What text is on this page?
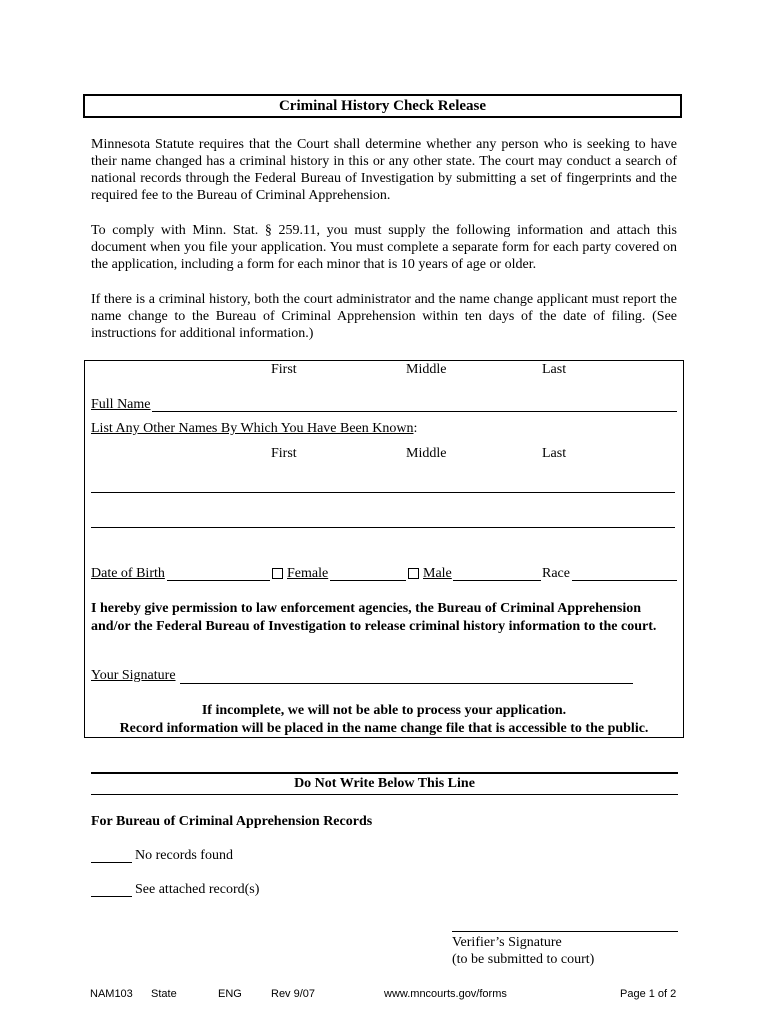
Criminal History Check Release
Minnesota Statute requires that the Court shall determine whether any person who is seeking to have their name changed has a criminal history in this or any other state. The court may conduct a search of national records through the Federal Bureau of Investigation by submitting a set of fingerprints and the required fee to the Bureau of Criminal Apprehension.
To comply with Minn. Stat. § 259.11, you must supply the following information and attach this document when you file your application. You must complete a separate form for each party covered on the application, including a form for each minor that is 10 years of age or older.
If there is a criminal history, both the court administrator and the name change applicant must report the name change to the Bureau of Criminal Apprehension within ten days of the date of filing. (See instructions for additional information.)
First	Middle	Last
Full Name
List Any Other Names By Which You Have Been Known:
First	Middle	Last
Date of Birth	Female	Male	Race
I hereby give permission to law enforcement agencies, the Bureau of Criminal Apprehension and/or the Federal Bureau of Investigation to release criminal history information to the court.
Your Signature
If incomplete, we will not be able to process your application.
Record information will be placed in the name change file that is accessible to the public.
Do Not Write Below This Line
For Bureau of Criminal Apprehension Records
No records found
See attached record(s)
Verifier’s Signature
(to be submitted to court)
NAM103 State	ENG	Rev 9/07	www.mncourts.gov/forms	Page 1 of 2
